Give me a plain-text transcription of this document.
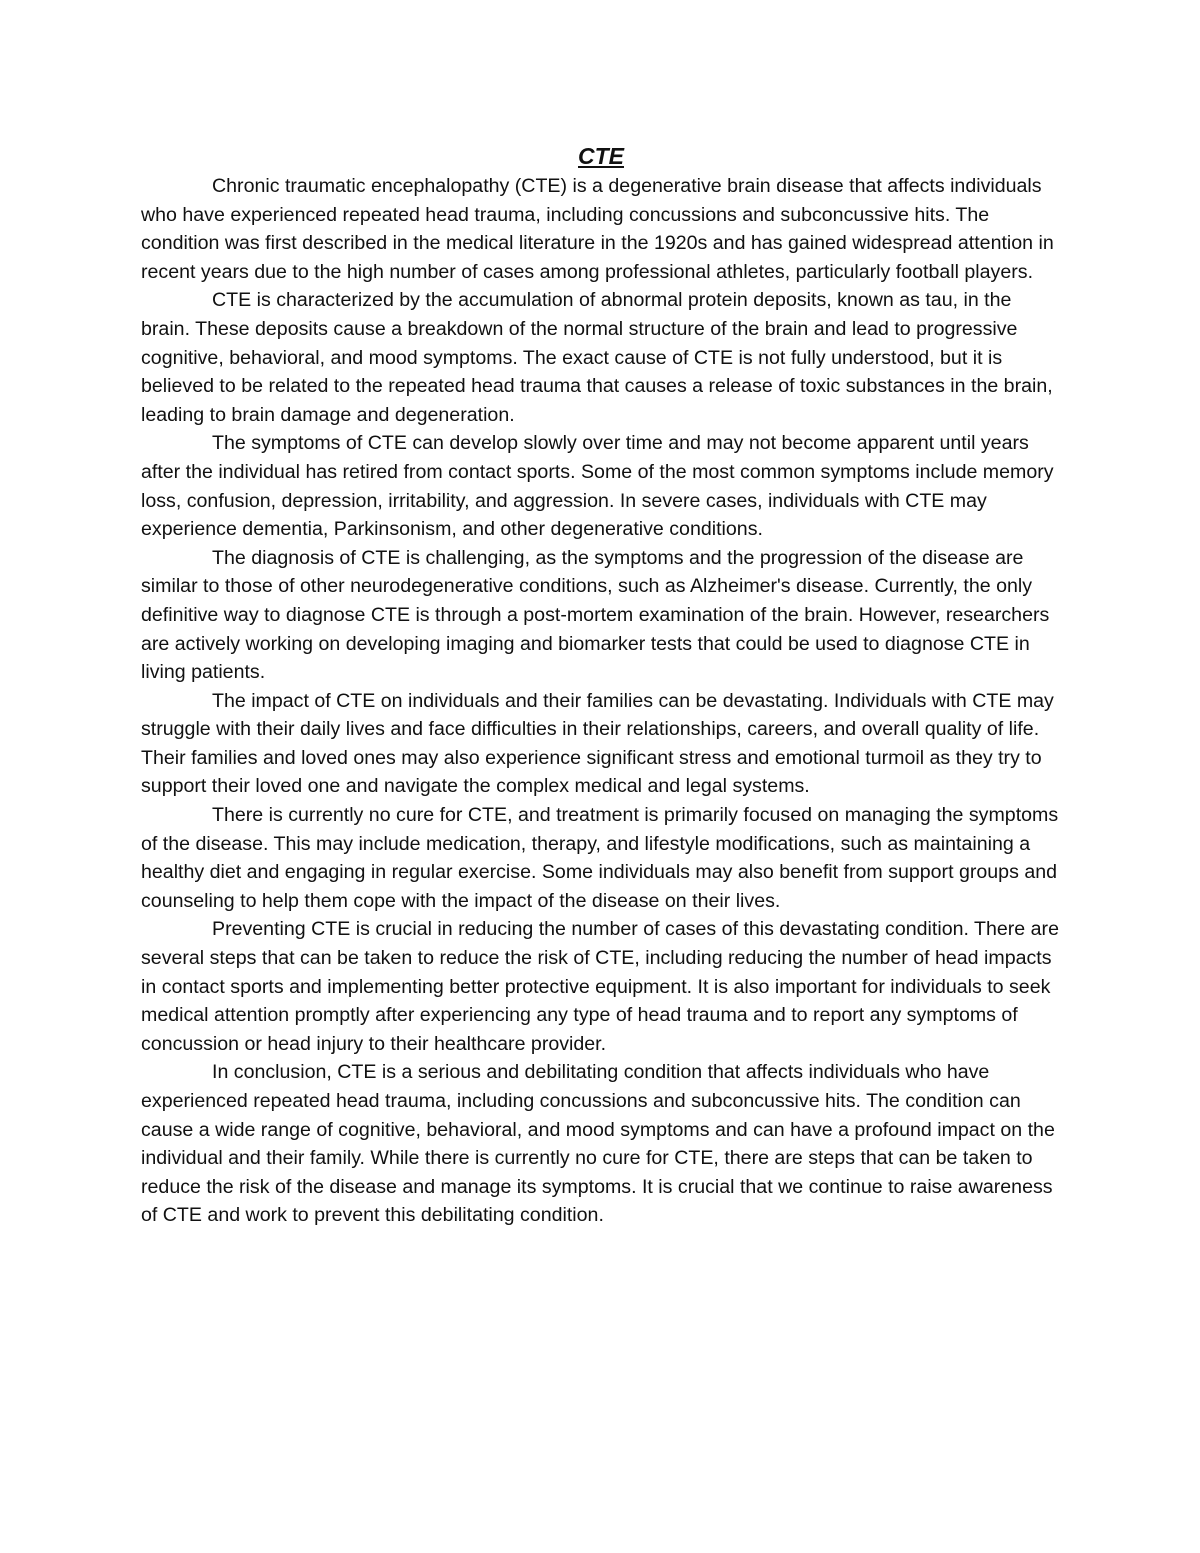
CTE

Chronic traumatic encephalopathy (CTE) is a degenerative brain disease that affects individuals who have experienced repeated head trauma, including concussions and subconcussive hits. The condition was first described in the medical literature in the 1920s and has gained widespread attention in recent years due to the high number of cases among professional athletes, particularly football players.

CTE is characterized by the accumulation of abnormal protein deposits, known as tau, in the brain. These deposits cause a breakdown of the normal structure of the brain and lead to progressive cognitive, behavioral, and mood symptoms. The exact cause of CTE is not fully understood, but it is believed to be related to the repeated head trauma that causes a release of toxic substances in the brain, leading to brain damage and degeneration.

The symptoms of CTE can develop slowly over time and may not become apparent until years after the individual has retired from contact sports. Some of the most common symptoms include memory loss, confusion, depression, irritability, and aggression. In severe cases, individuals with CTE may experience dementia, Parkinsonism, and other degenerative conditions.

The diagnosis of CTE is challenging, as the symptoms and the progression of the disease are similar to those of other neurodegenerative conditions, such as Alzheimer's disease. Currently, the only definitive way to diagnose CTE is through a post-mortem examination of the brain. However, researchers are actively working on developing imaging and biomarker tests that could be used to diagnose CTE in living patients.

The impact of CTE on individuals and their families can be devastating. Individuals with CTE may struggle with their daily lives and face difficulties in their relationships, careers, and overall quality of life. Their families and loved ones may also experience significant stress and emotional turmoil as they try to support their loved one and navigate the complex medical and legal systems.

There is currently no cure for CTE, and treatment is primarily focused on managing the symptoms of the disease. This may include medication, therapy, and lifestyle modifications, such as maintaining a healthy diet and engaging in regular exercise. Some individuals may also benefit from support groups and counseling to help them cope with the impact of the disease on their lives.

Preventing CTE is crucial in reducing the number of cases of this devastating condition. There are several steps that can be taken to reduce the risk of CTE, including reducing the number of head impacts in contact sports and implementing better protective equipment. It is also important for individuals to seek medical attention promptly after experiencing any type of head trauma and to report any symptoms of concussion or head injury to their healthcare provider.

In conclusion, CTE is a serious and debilitating condition that affects individuals who have experienced repeated head trauma, including concussions and subconcussive hits. The condition can cause a wide range of cognitive, behavioral, and mood symptoms and can have a profound impact on the individual and their family. While there is currently no cure for CTE, there are steps that can be taken to reduce the risk of the disease and manage its symptoms. It is crucial that we continue to raise awareness of CTE and work to prevent this debilitating condition.
